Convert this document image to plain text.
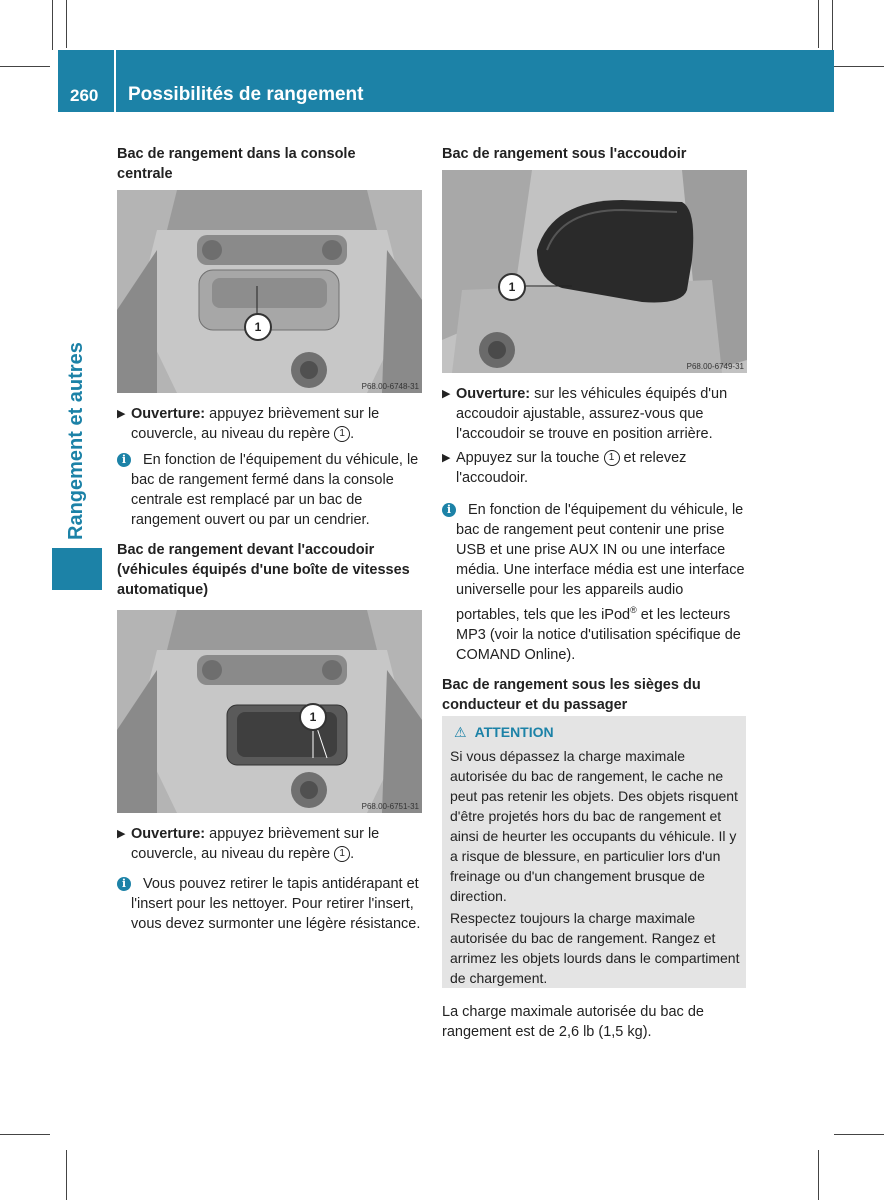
260 Possibilités de rangement
Rangement et autres

Bac de rangement dans la console centrale

1
P68.00-6748-31
▶ Ouverture: appuyez brièvement sur le couvercle, au niveau du repère 1 .
i	En fonction de l'équipement du véhicule, le bac de rangement fermé dans la console centrale est remplacé par un bac de rangement ouvert ou par un cendrier.

Bac de rangement devant l'accoudoir (véhicules équipés d'une boîte de vitesses automatique)

1
P68.00-6751-31
▶ Ouverture: appuyez brièvement sur le couvercle, au niveau du repère 1 .
i	Vous pouvez retirer le tapis antidérapant et l'insert pour les nettoyer. Pour retirer l'insert, vous devez surmonter une légère résistance.

Bac de rangement sous l'accoudoir

1
P68.00-6749-31
▶ Ouverture: sur les véhicules équipés d'un accoudoir ajustable, assurez-vous que l'accoudoir se trouve en position arrière.
▶ Appuyez sur la touche 1 et relevez l'accoudoir.
i	En fonction de l'équipement du véhicule, le bac de rangement peut contenir une prise USB et une prise AUX IN ou une interface média. Une interface média est une interface universelle pour les appareils audio portables, tels que les iPod® et les lecteurs MP3 (voir la notice d'utilisation spécifique de COMAND Online).

Bac de rangement sous les sièges du conducteur et du passager

⚠ ATTENTION

Si vous dépassez la charge maximale autorisée du bac de rangement, le cache ne peut pas retenir les objets. Des objets risquent d'être projetés hors du bac de rangement et ainsi de heurter les occupants du véhicule. Il y a risque de blessure, en particulier lors d'un freinage ou d'un changement brusque de direction.

Respectez toujours la charge maximale autorisée du bac de rangement. Rangez et arrimez les objets lourds dans le compartiment de chargement.

La charge maximale autorisée du bac de rangement est de 2,6 lb (1,5 kg).
